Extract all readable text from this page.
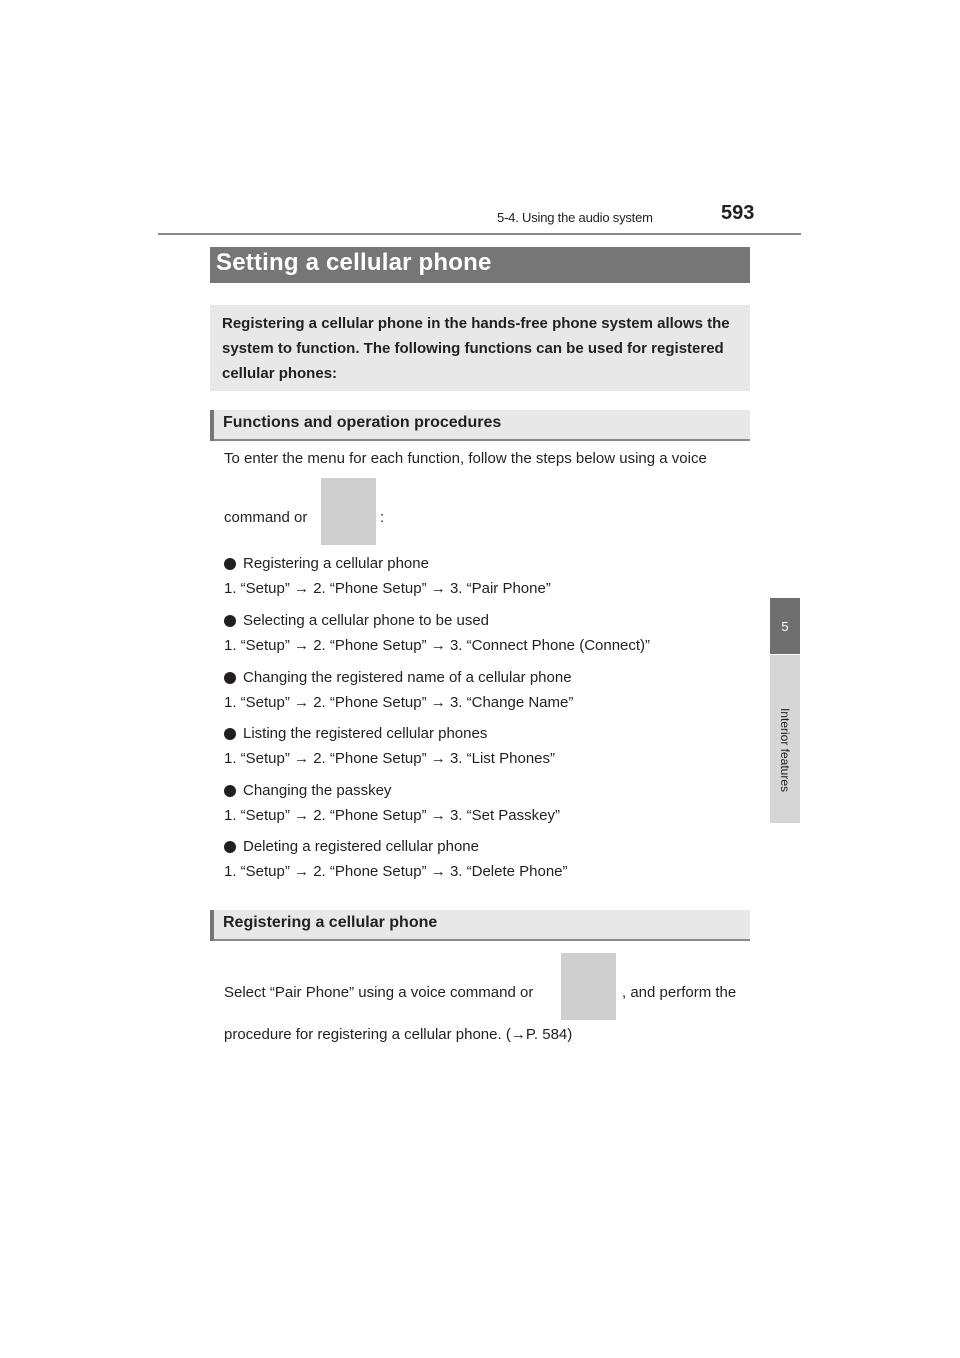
5-4. Using the audio system	593
5
Interior features
Setting a cellular phone
Registering a cellular phone in the hands-free phone system allows the system to function. The following functions can be used for registered cellular phones:
Functions and operation procedures
To enter the menu for each function, follow the steps below using a voice
command or	:
Registering a cellular phone
1. “Setup” → 2. “Phone Setup” → 3. “Pair Phone”
Selecting a cellular phone to be used
1. “Setup” → 2. “Phone Setup” → 3. “Connect Phone (Connect)”
Changing the registered name of a cellular phone
1. “Setup” → 2. “Phone Setup” → 3. “Change Name”
Listing the registered cellular phones
1. “Setup” → 2. “Phone Setup” → 3. “List Phones”
Changing the passkey
1. “Setup” → 2. “Phone Setup” → 3. “Set Passkey”
Deleting a registered cellular phone
1. “Setup” → 2. “Phone Setup” → 3. “Delete Phone”
Registering a cellular phone
Select “Pair Phone” using a voice command or	, and perform the
procedure for registering a cellular phone. (→P. 584)
